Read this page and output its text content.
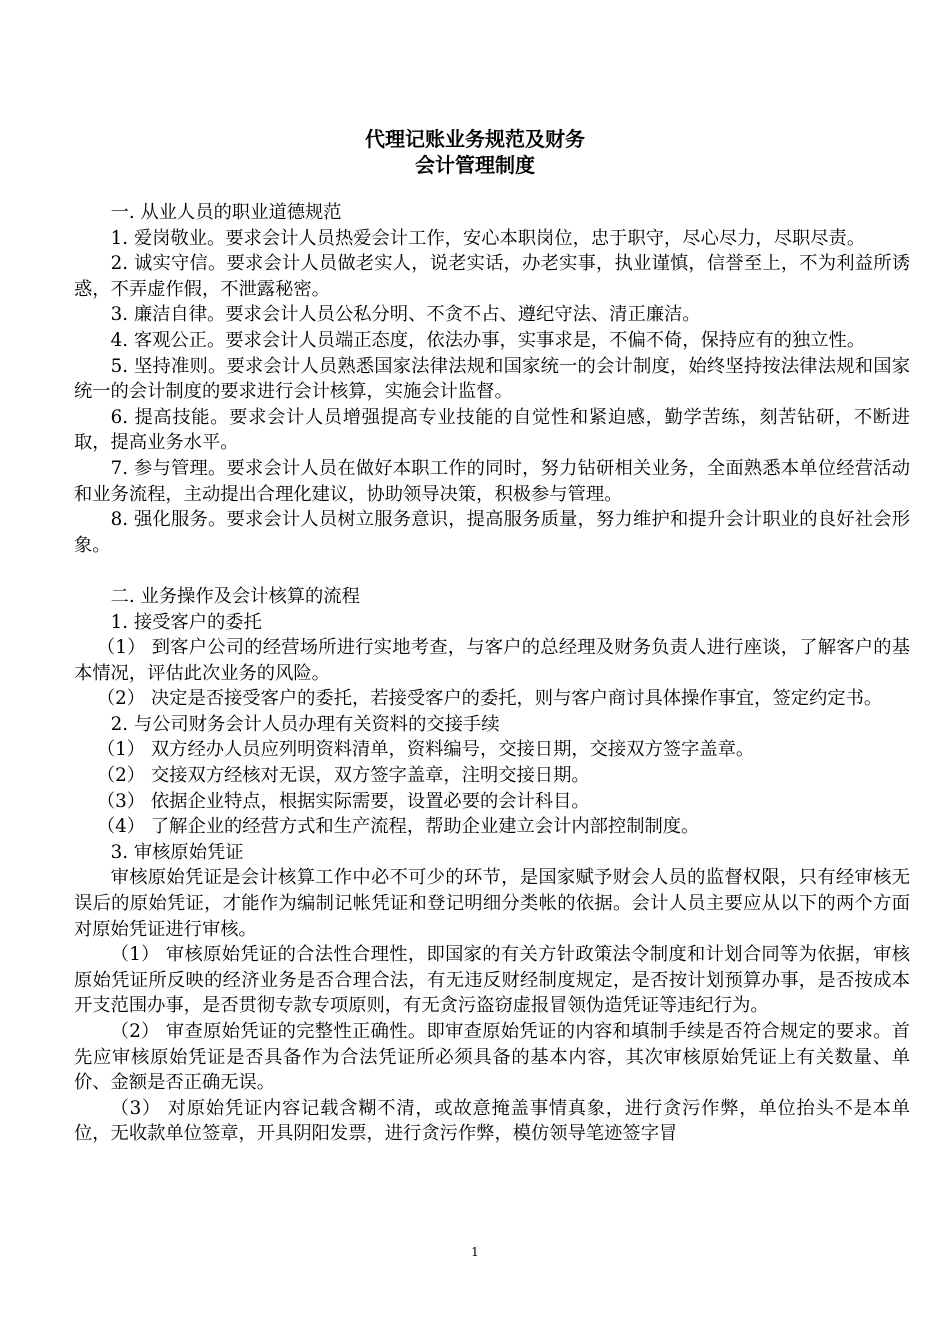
代理记账业务规范及财务
会计管理制度

一. 从业人员的职业道德规范

1. 爱岗敬业。要求会计人员热爱会计工作，安心本职岗位，忠于职守，尽心尽力，尽职尽责。

2. 诚实守信。要求会计人员做老实人，说老实话，办老实事，执业谨慎，信誉至上，不为利益所诱惑，不弄虚作假，不泄露秘密。

3. 廉洁自律。要求会计人员公私分明、不贪不占、遵纪守法、清正廉洁。

4. 客观公正。要求会计人员端正态度，依法办事，实事求是，不偏不倚，保持应有的独立性。

5. 坚持准则。要求会计人员熟悉国家法律法规和国家统一的会计制度，始终坚持按法律法规和国家统一的会计制度的要求进行会计核算，实施会计监督。

6. 提高技能。要求会计人员增强提高专业技能的自觉性和紧迫感，勤学苦练，刻苦钻研，不断进取，提高业务水平。

7. 参与管理。要求会计人员在做好本职工作的同时，努力钻研相关业务，全面熟悉本单位经营活动和业务流程，主动提出合理化建议，协助领导决策，积极参与管理。

8. 强化服务。要求会计人员树立服务意识，提高服务质量，努力维护和提升会计职业的良好社会形象。

二. 业务操作及会计核算的流程

1. 接受客户的委托

（1） 到客户公司的经营场所进行实地考查，与客户的总经理及财务负责人进行座谈，了解客户的基本情况，评估此次业务的风险。

（2） 决定是否接受客户的委托，若接受客户的委托，则与客户商讨具体操作事宜，签定约定书。

2. 与公司财务会计人员办理有关资料的交接手续

（1） 双方经办人员应列明资料清单，资料编号，交接日期，交接双方签字盖章。

（2） 交接双方经核对无误，双方签字盖章，注明交接日期。

（3） 依据企业特点，根据实际需要，设置必要的会计科目。

（4） 了解企业的经营方式和生产流程，帮助企业建立会计内部控制制度。

3. 审核原始凭证

审核原始凭证是会计核算工作中必不可少的环节，是国家赋予财会人员的监督权限，只有经审核无误后的原始凭证，才能作为编制记帐凭证和登记明细分类帐的依据。会计人员主要应从以下的两个方面对原始凭证进行审核。

（1） 审核原始凭证的合法性合理性，即国家的有关方针政策法令制度和计划合同等为依据，审核原始凭证所反映的经济业务是否合理合法，有无违反财经制度规定，是否按计划预算办事，是否按成本开支范围办事，是否贯彻专款专项原则，有无贪污盗窃虚报冒领伪造凭证等违纪行为。

（2） 审查原始凭证的完整性正确性。即审查原始凭证的内容和填制手续是否符合规定的要求。首先应审核原始凭证是否具备作为合法凭证所必须具备的基本内容，其次审核原始凭证上有关数量、单价、金额是否正确无误。

（3） 对原始凭证内容记载含糊不清，或故意掩盖事情真象，进行贪污作弊，单位抬头不是本单位，无收款单位签章，开具阴阳发票，进行贪污作弊，模仿领导笔迹签字冒

1
